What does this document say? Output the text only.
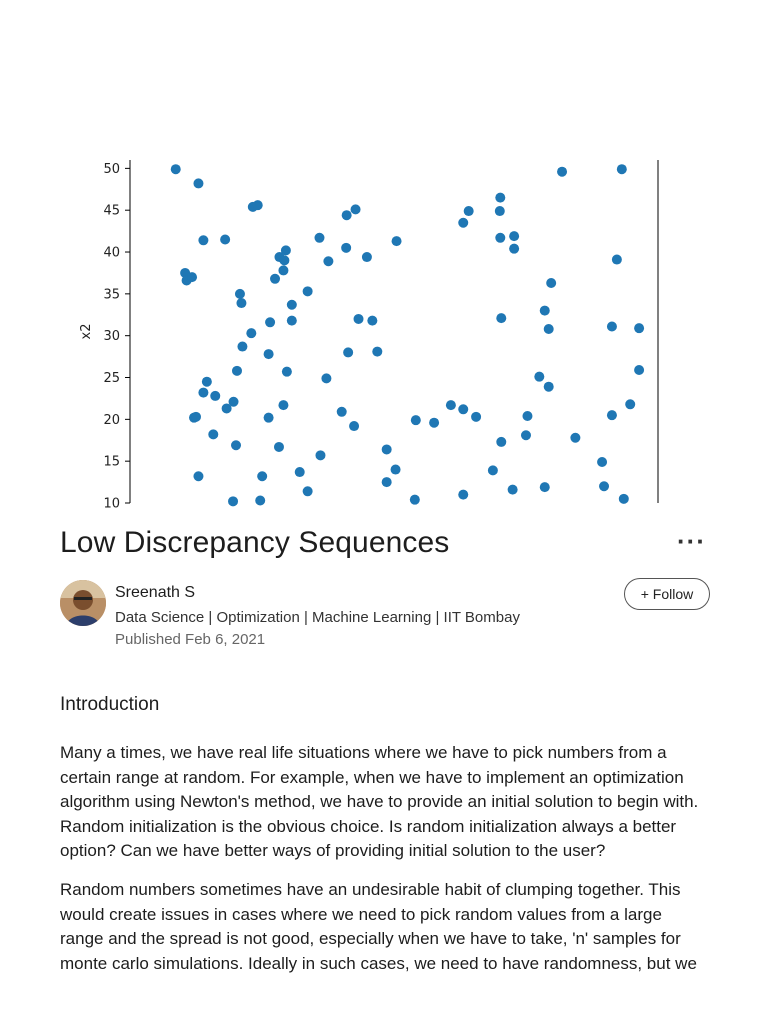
10
15
20
25
30
35
40
45
50
x2
Low Discrepancy Sequences	···
Sreenath S
Data Science | Optimization | Machine Learning | IIT Bombay
Published Feb 6, 2021
+ Follow
Introduction

Many a times, we have real life situations where we have to pick numbers from a certain range at random. For example, when we have to implement an optimization algorithm using Newton's method, we have to provide an initial solution to begin with. Random initialization is the obvious choice. Is random initialization always a better option? Can we have better ways of providing initial solution to the user?

Random numbers sometimes have an undesirable habit of clumping together. This would create issues in cases where we need to pick random values from a large range and the spread is not good, especially when we have to take, 'n' samples for monte carlo simulations. Ideally in such cases, we need to have randomness, but we
